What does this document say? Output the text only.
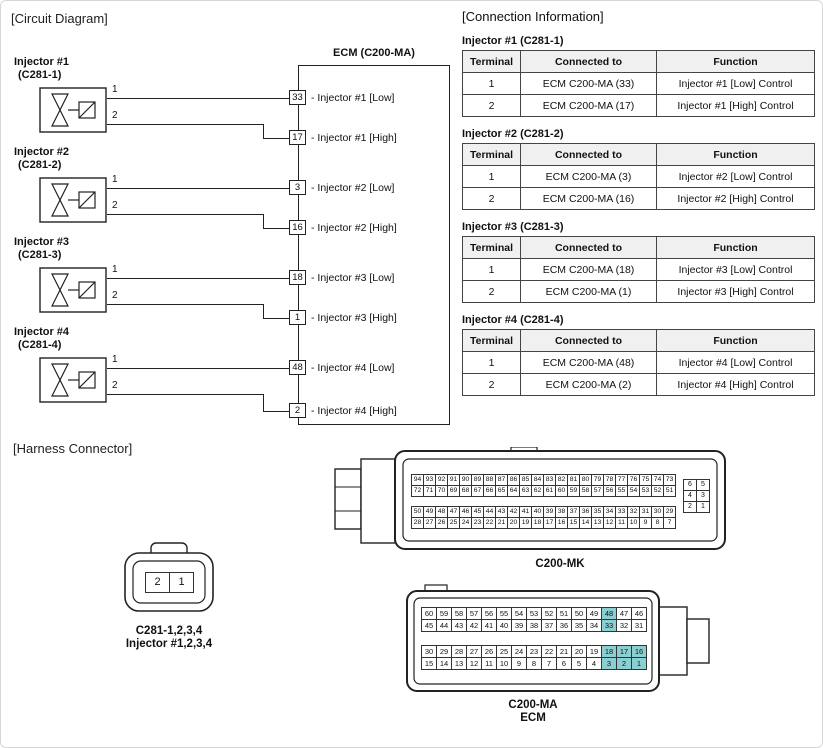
[Circuit Diagram]
ECM (C200-MA)
Injector #1
(C281-1)
1
2
Injector #2
(C281-2)
1
2
Injector #3
(C281-3)
1
2
Injector #4
(C281-4)
1
2
33 - Injector #1 [Low]
17 - Injector #1 [High]
3	- Injector #2 [Low]
16 - Injector #2 [High]
18 - Injector #3 [Low]
1	- Injector #3 [High]
48 - Injector #4 [Low]
2	- Injector #4 [High]
[Connection Information]
Injector #1 (C281-1)
Terminal	Connected to	Function
1	ECM C200-MA (33)	Injector #1 [Low] Control
2	ECM C200-MA (17)	Injector #1 [High] Control
Injector #2 (C281-2)
Terminal	Connected to	Function
1	ECM C200-MA (3)	Injector #2 [Low] Control
2	ECM C200-MA (16)	Injector #2 [High] Control
Injector #3 (C281-3)
Terminal	Connected to	Function
1	ECM C200-MA (18)	Injector #3 [Low] Control
2	ECM C200-MA (1)	Injector #3 [High] Control
Injector #4 (C281-4)
Terminal	Connected to	Function
1	ECM C200-MA (48)	Injector #4 [Low] Control
2	ECM C200-MA (2)	Injector #4 [High] Control
[Harness Connector]
2	1
C281-1,2,3,4
Injector #1,2,3,4
94 93 92 91 90 89 88 87 86 85 84 83 82 81 80 79 78 77 76 75 74 73
72 71 70 69 68 67 66 65 64 63 62 61 60 59 58 57 56 55 54 53 52 51
50 49 48 47 46 45 44 43 42 41 40 39 38 37 36 35 34 33 32 31 30 29
28 27 26 25 24 23 22 21 20 19 18 17 16 15 14 13 12 11 10 9	8	7
6	5
4	3
2	1
C200-MK
60 59 58 57 56 55 54 53 52 51 50 49 48 47 46
45 44 43 42 41 40 39 38 37 36 35 34 33 32 31
30 29 28 27 26 25 24 23 22 21 20 19 18 17 16
15 14 13 12 11 10	9	8	7	6	5	4	3	2	1
C200-MA
ECM
